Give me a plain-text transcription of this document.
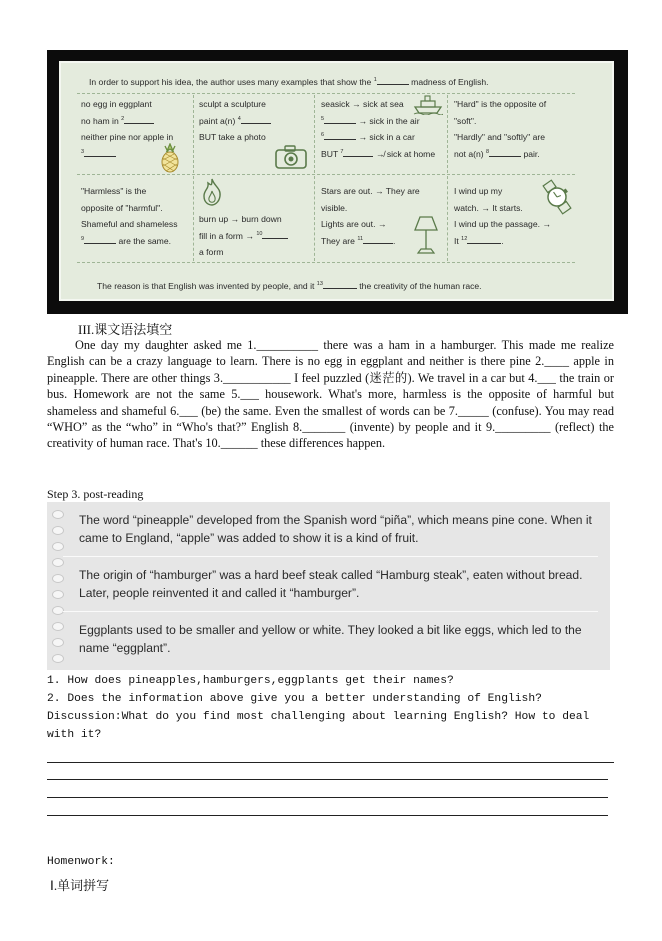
In order to support his idea, the author uses many examples that show the $^1$	madness of English.
no egg in eggplant
no ham in $^2$
neither pine nor apple in
$^3$
sculpt a sculpture
paint a(n) $^4$
BUT take a photo
seasick → sick at sea
$^5$	→ sick in the air
$^6$	→ sick in a car
BUT $^7$	↛ sick at home
"Hard" is the opposite of
"soft".
"Hardly" and "softly" are
not a(n) $^8$	pair.
"Harmless" is the
opposite of "harmful".
Shameful and shameless
$^9$	are the same.
burn up → burn down
fill in a form → $^{10}$
a form
Stars are out. → They are
visible.
Lights are out. →
They are $^{11}$	.
I wind up my
watch. → It starts.
I wind up the passage. →
It $^{12}$	.
The reason is that English was invented by people, and it $^{13}$	the creativity of the human race.
III.课文语法填空
One day my daughter asked me 1.__________ there was a ham in a hamburger. This made me realize English can be a crazy language to learn. There is no egg in eggplant and neither is there pine 2.____ apple in pineapple. There are other things 3.___________ I feel puzzled (迷茫的). We travel in a car but 4.___ the train or bus. Homework are not the same 5.___ housework. What's more, harmless is the opposite of harmful but shameless and shameful 6.___ (be) the same. Even the smallest of words can be 7._____ (confuse). You may read “WHO” as the “who” in “Who's that?” English 8._______ (invente) by people and it 9._________ (reflect) the creativity of human race. That's 10.______ these differences happen.
Step 3. post-reading
The word “pineapple” developed from the Spanish word “piña”, which means pine cone. When it came to England, “apple” was added to show it is a kind of fruit.
The origin of “hamburger” was a hard beef steak called “Hamburg steak”, eaten without bread. Later, people reinvented it and called it “hamburger”.
Eggplants used to be smaller and yellow or white. They looked a bit like eggs, which led to the name “eggplant”.
1. How does pineapples,hamburgers,eggplants get their names?
2. Does the information above give you a better understanding of English?
Discussion:What do you find most challenging about learning English? How to deal
with it?
Homenwork:
Ⅰ.单词拼写
